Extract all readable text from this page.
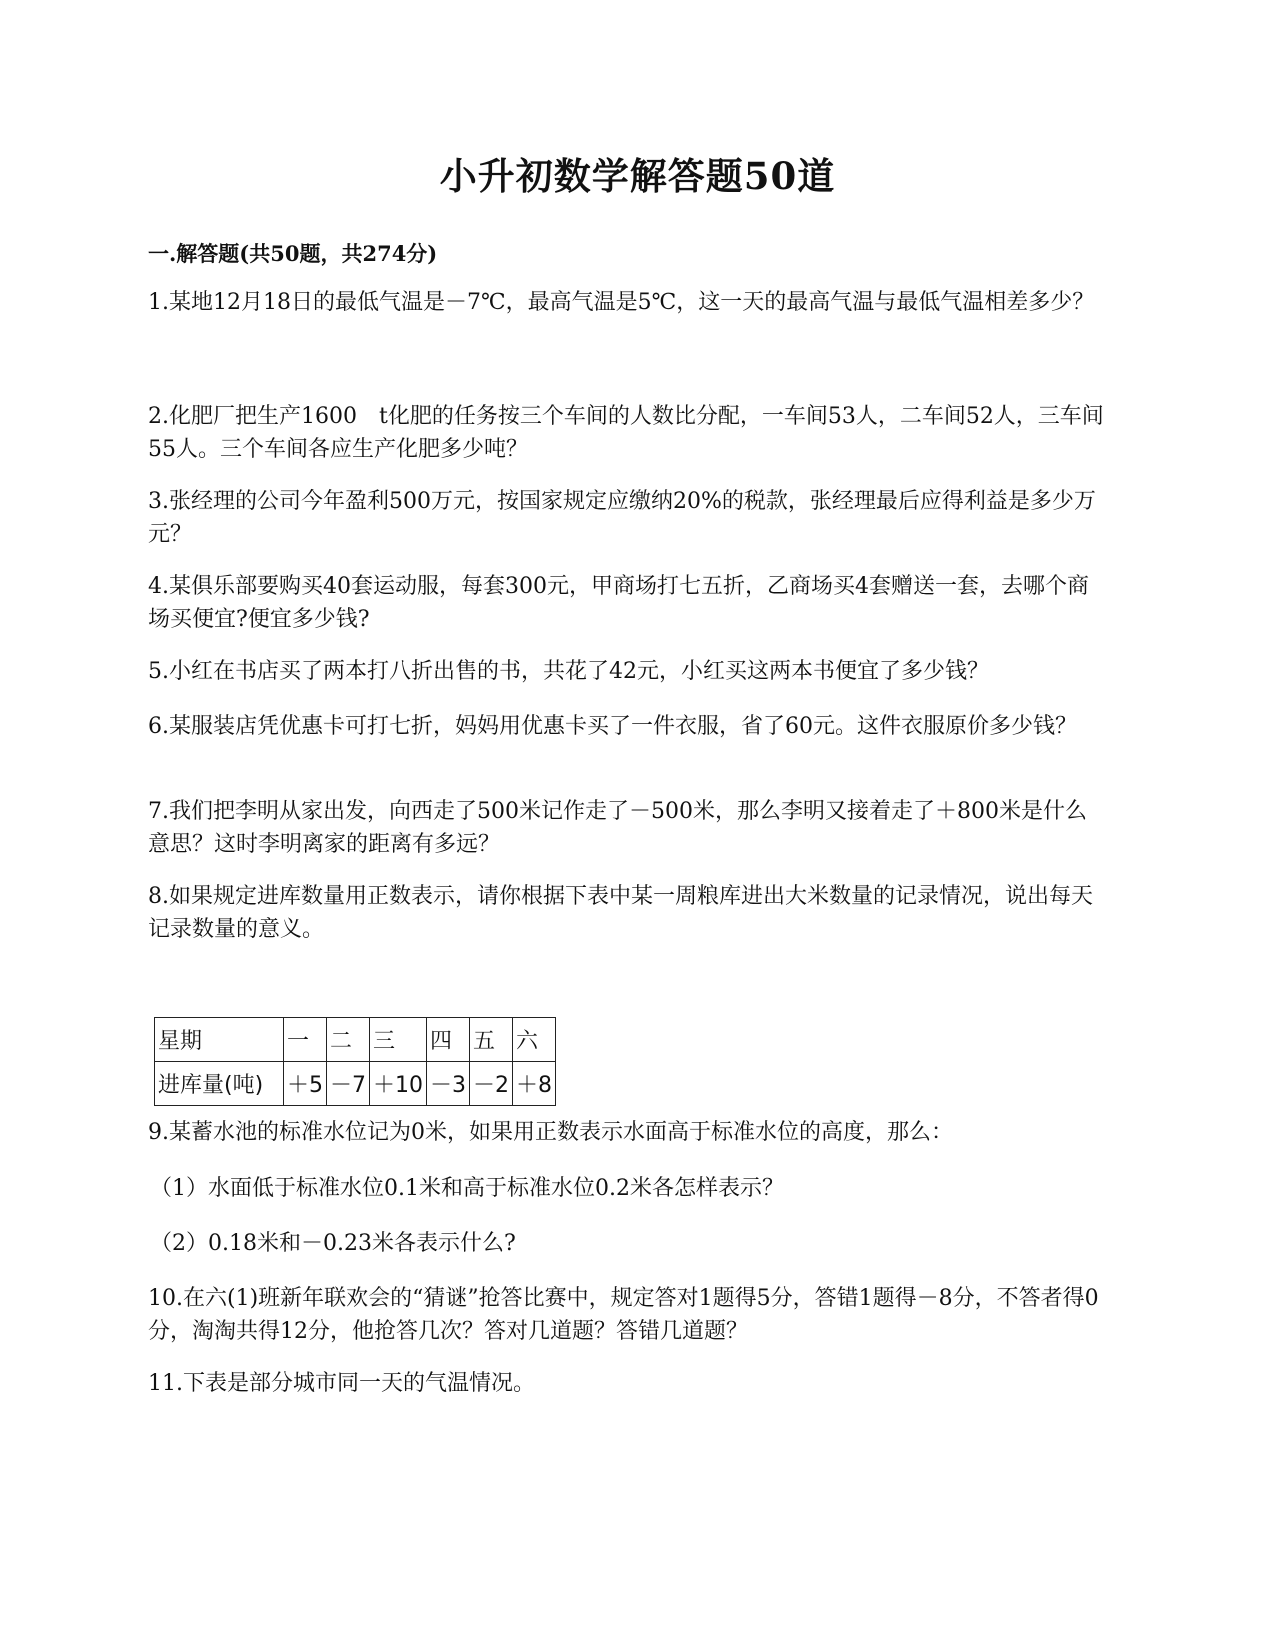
小升初数学解答题50道
一.解答题(共50题，共274分)

1.某地12月18日的最低气温是－7℃，最高气温是5℃，这一天的最高气温与最低气温相差多少？

2.化肥厂把生产1600　t化肥的任务按三个车间的人数比分配，一车间53人，二车间52人，三车间55人。三个车间各应生产化肥多少吨？

3.张经理的公司今年盈利500万元，按国家规定应缴纳20%的税款，张经理最后应得利益是多少万元？

4.某俱乐部要购买40套运动服，每套300元，甲商场打七五折，乙商场买4套赠送一套，去哪个商场买便宜?便宜多少钱?

5.小红在书店买了两本打八折出售的书，共花了42元，小红买这两本书便宜了多少钱？

6.某服装店凭优惠卡可打七折，妈妈用优惠卡买了一件衣服，省了60元。这件衣服原价多少钱？

7.我们把李明从家出发，向西走了500米记作走了－500米，那么李明又接着走了＋800米是什么意思？这时李明离家的距离有多远？

8.如果规定进库数量用正数表示，请你根据下表中某一周粮库进出大米数量的记录情况，说出每天记录数量的意义。

星期	一	二	三	四	五	六
进库量(吨)	＋5	－7	＋10	－3	－2	＋8

9.某蓄水池的标准水位记为0米，如果用正数表示水面高于标准水位的高度，那么：

（1）水面低于标准水位0.1米和高于标准水位0.2米各怎样表示？

（2）0.18米和－0.23米各表示什么?

10.在六(1)班新年联欢会的“猜谜”抢答比赛中，规定答对1题得5分，答错1题得－8分，不答者得0分，淘淘共得12分，他抢答几次？答对几道题？答错几道题？

11.下表是部分城市同一天的气温情况。
